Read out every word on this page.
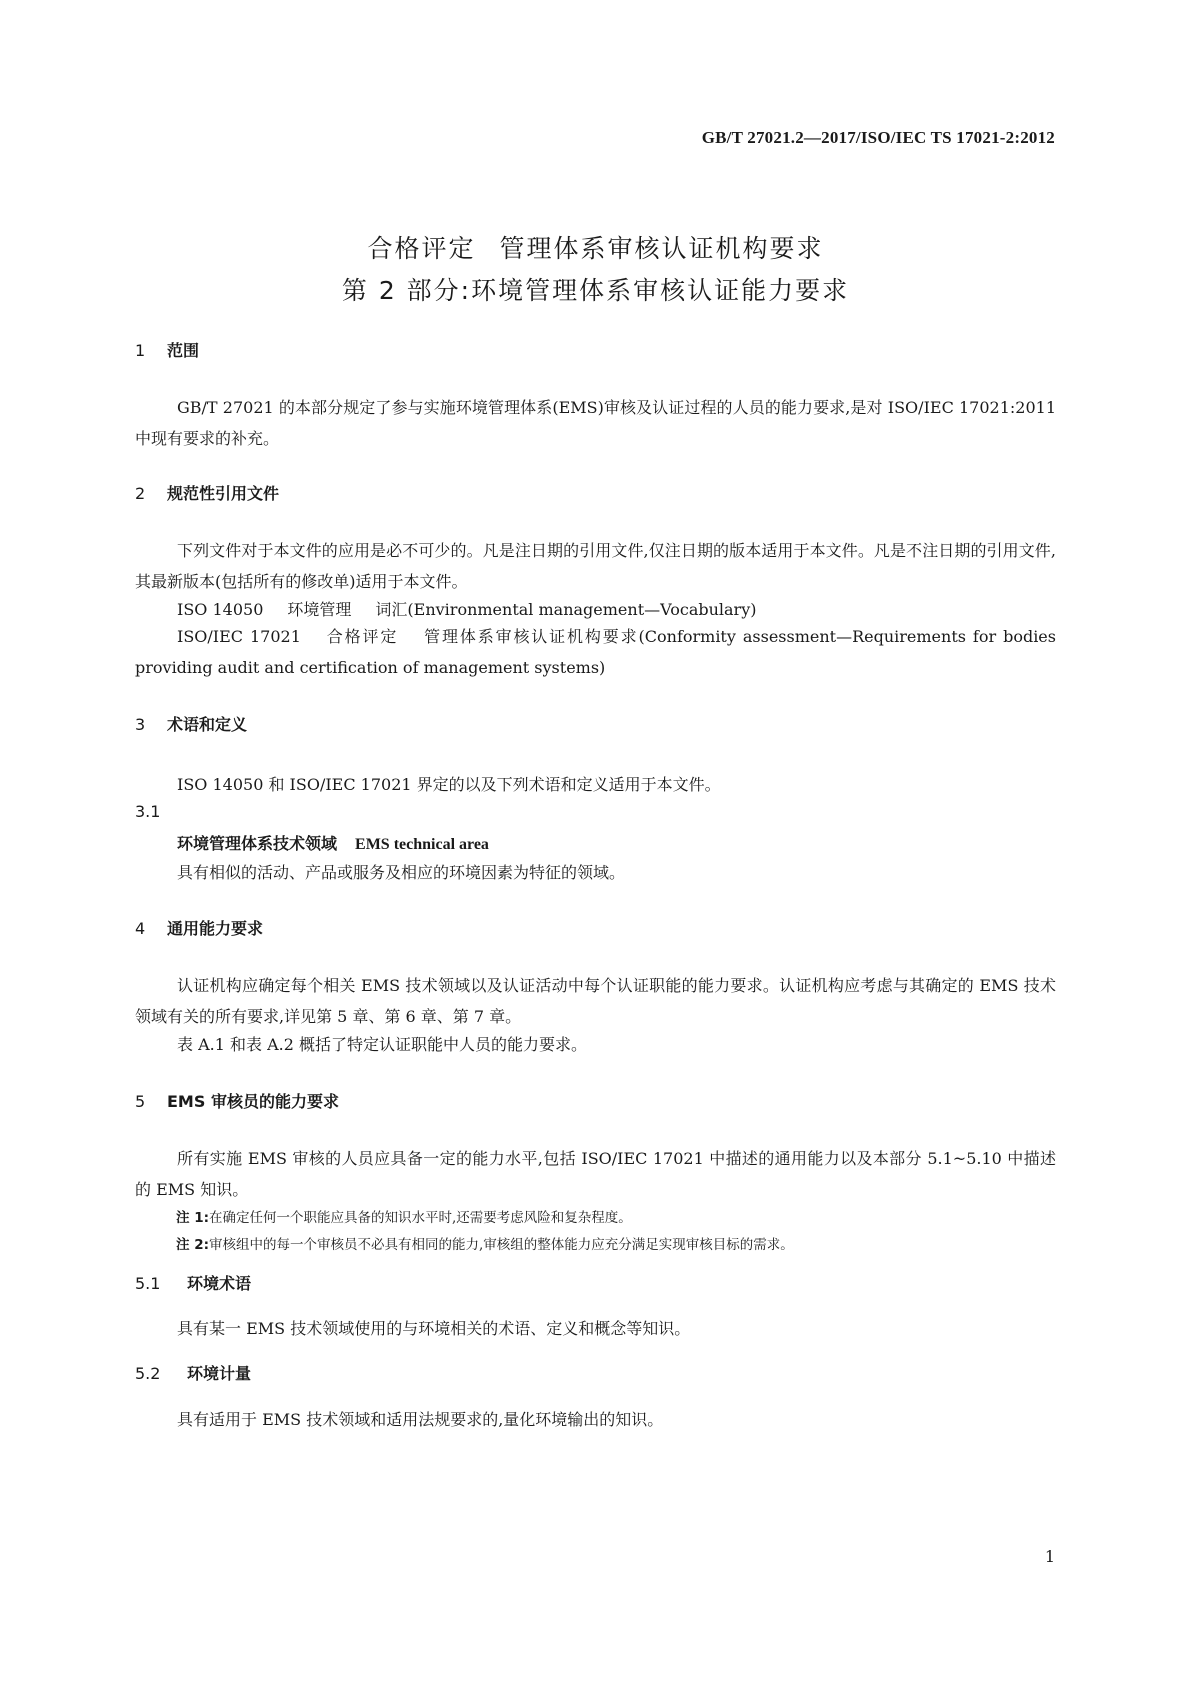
GB/T 27021.2—2017/ISO/IEC TS 17021-2:2012
合格评定 管理体系审核认证机构要求
第 2 部分:环境管理体系审核认证能力要求
1 范围
GB/T 27021 的本部分规定了参与实施环境管理体系(EMS)审核及认证过程的人员的能力要求,是对 ISO/IEC 17021:2011 中现有要求的补充。
2 规范性引用文件
下列文件对于本文件的应用是必不可少的。凡是注日期的引用文件,仅注日期的版本适用于本文件。凡是不注日期的引用文件,其最新版本(包括所有的修改单)适用于本文件。
ISO 14050 环境管理 词汇(Environmental management—Vocabulary)
ISO/IEC 17021 合格评定 管理体系审核认证机构要求(Conformity assessment—Requirements for bodies providing audit and certification of management systems)
3 术语和定义
ISO 14050 和 ISO/IEC 17021 界定的以及下列术语和定义适用于本文件。
3.1
环境管理体系技术领域 EMS technical area
具有相似的活动、产品或服务及相应的环境因素为特征的领域。
4 通用能力要求
认证机构应确定每个相关 EMS 技术领域以及认证活动中每个认证职能的能力要求。认证机构应考虑与其确定的 EMS 技术领域有关的所有要求,详见第 5 章、第 6 章、第 7 章。
表 A.1 和表 A.2 概括了特定认证职能中人员的能力要求。
5 EMS 审核员的能力要求
所有实施 EMS 审核的人员应具备一定的能力水平,包括 ISO/IEC 17021 中描述的通用能力以及本部分 5.1~5.10 中描述的 EMS 知识。
注 1:在确定任何一个职能应具备的知识水平时,还需要考虑风险和复杂程度。
注 2:审核组中的每一个审核员不必具有相同的能力,审核组的整体能力应充分满足实现审核目标的需求。
5.1 环境术语
具有某一 EMS 技术领域使用的与环境相关的术语、定义和概念等知识。
5.2 环境计量
具有适用于 EMS 技术领域和适用法规要求的,量化环境输出的知识。
1
